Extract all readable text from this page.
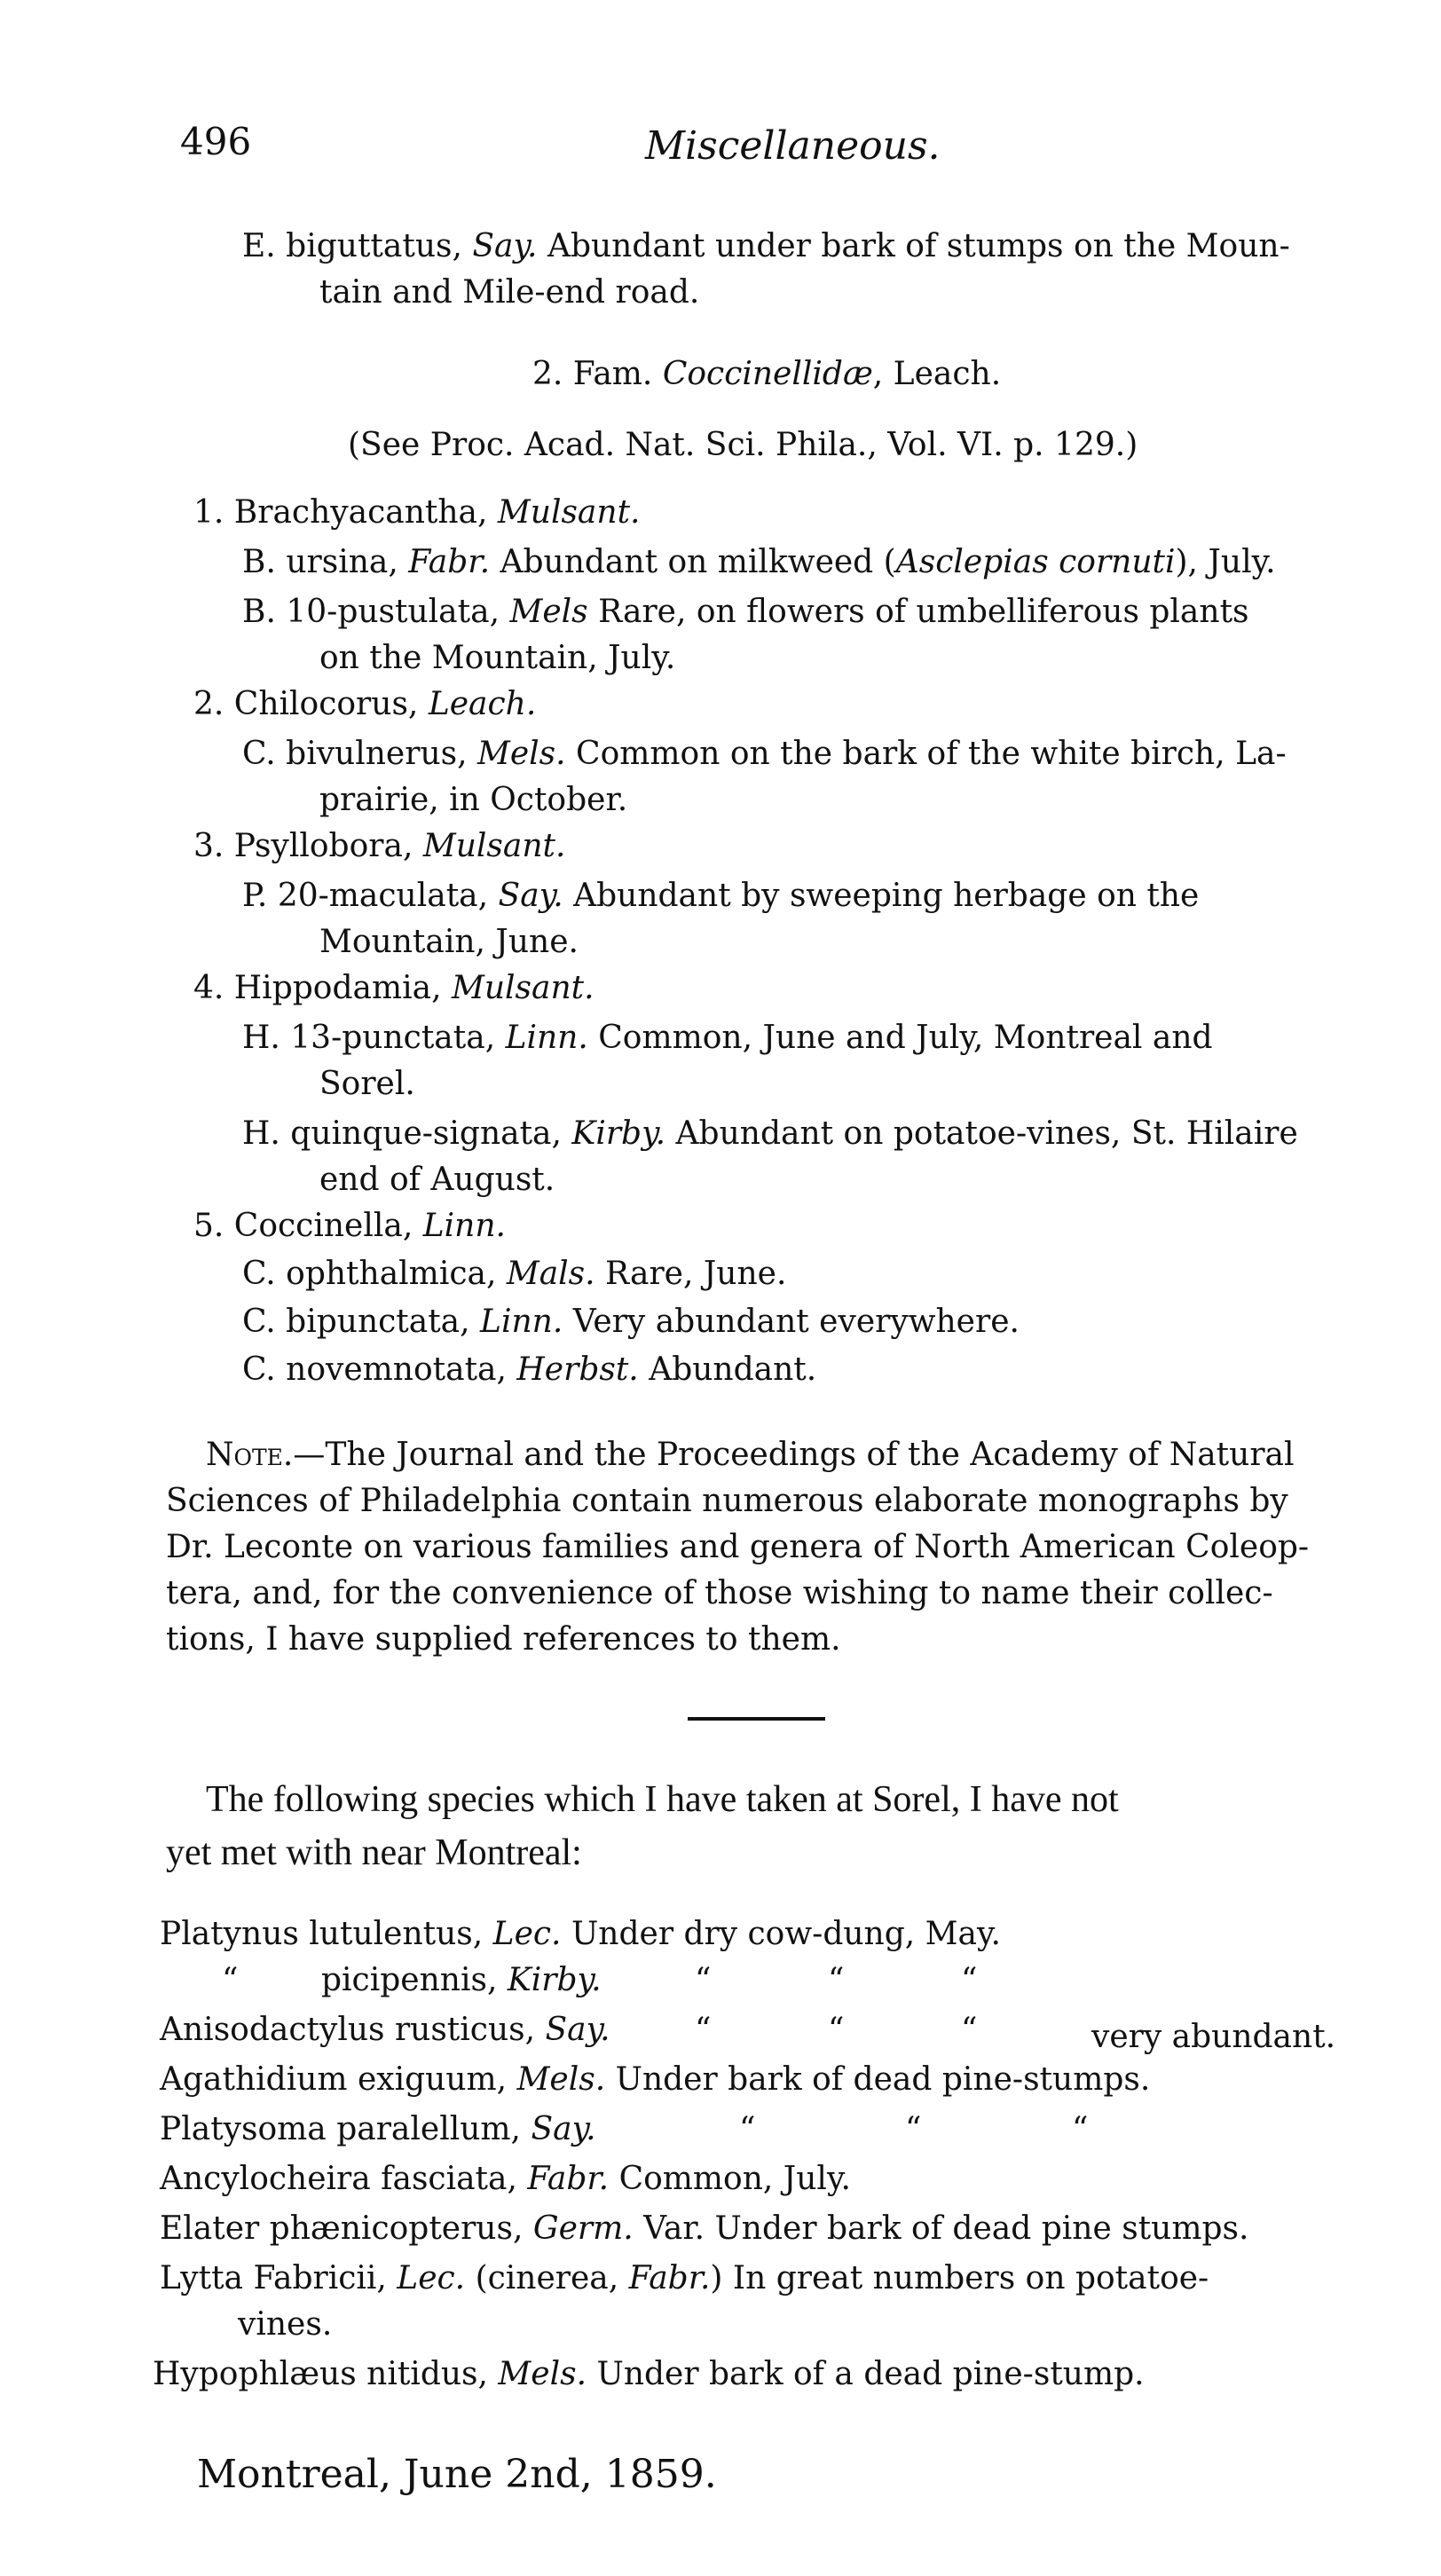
496	Miscellaneous.
E. biguttatus, Say. Abundant under bark of stumps on the Moun-
tain and Mile-end road.
2. Fam. Coccinellidæ, Leach.
(See Proc. Acad. Nat. Sci. Phila., Vol. VI. p. 129.)
1. Brachyacantha, Mulsant.
B. ursina, Fabr. Abundant on milkweed (Asclepias cornuti), July.
B. 10-pustulata, Mels Rare, on flowers of umbelliferous plants
on the Mountain, July.
2. Chilocorus, Leach.
C. bivulnerus, Mels. Common on the bark of the white birch, La-
prairie, in October.
3. Psyllobora, Mulsant.
P. 20-maculata, Say. Abundant by sweeping herbage on the
Mountain, June.
4. Hippodamia, Mulsant.
H. 13-punctata, Linn. Common, June and July, Montreal and
Sorel.
H. quinque-signata, Kirby. Abundant on potatoe-vines, St. Hilaire
end of August.
5. Coccinella, Linn.
C. ophthalmica, Mals. Rare, June.
C. bipunctata, Linn. Very abundant everywhere.
C. novemnotata, Herbst. Abundant.
Note.—The Journal and the Proceedings of the Academy of Natural
Sciences of Philadelphia contain numerous elaborate monographs by
Dr. Leconte on various families and genera of North American Coleop-
tera, and, for the convenience of those wishing to name their collec-
tions, I have supplied references to them.
The following species which I have taken at Sorel, I have not
yet met with near Montreal:
Platynus lutulentus, Lec. Under dry cow-dung, May.
“	picipennis, Kirby.	“	“	“
Anisodactylus rusticus, Say.	“	“	“	very abundant.
Agathidium exiguum, Mels. Under bark of dead pine-stumps.
Platysoma paralellum, Say.	“	“	“
Ancylocheira fasciata, Fabr. Common, July.
Elater phænicopterus, Germ. Var. Under bark of dead pine stumps.
Lytta Fabricii, Lec. (cinerea, Fabr.) In great numbers on potatoe-
vines.
Hypophlæus nitidus, Mels. Under bark of a dead pine-stump.
Montreal, June 2nd, 1859.
